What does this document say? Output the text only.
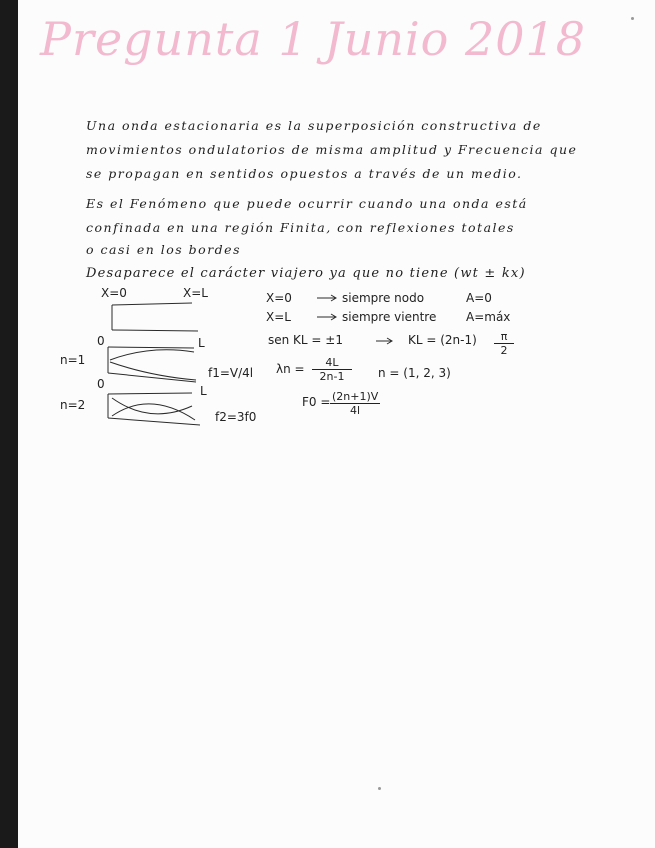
Pregunta 1 Junio 2018
Una onda estacionaria es la superposición constructiva de
movimientos ondulatorios de misma amplitud y Frecuencia que
se propagan en sentidos opuestos a través de un medio.
Es el Fenómeno que puede ocurrir cuando una onda está
confinada en una región Finita, con reflexiones totales
o casi en los bordes
Desaparece el carácter viajero ya que no tiene (wt ± kx)
X=0	X=L
0	L
n=1
0	L
f1=V/4l
n=2
f2=3f0
X=0	siempre nodo	A=0
X=L	siempre vientre A=máx
sen KL = ±1	KL = $(2n-1) \frac{\pi}{2}$
$\lambda n = \frac{4L}{2n-1}$ n = (1, 2, 3)
$F0 = \frac{(2n+1)V}{4l}$
